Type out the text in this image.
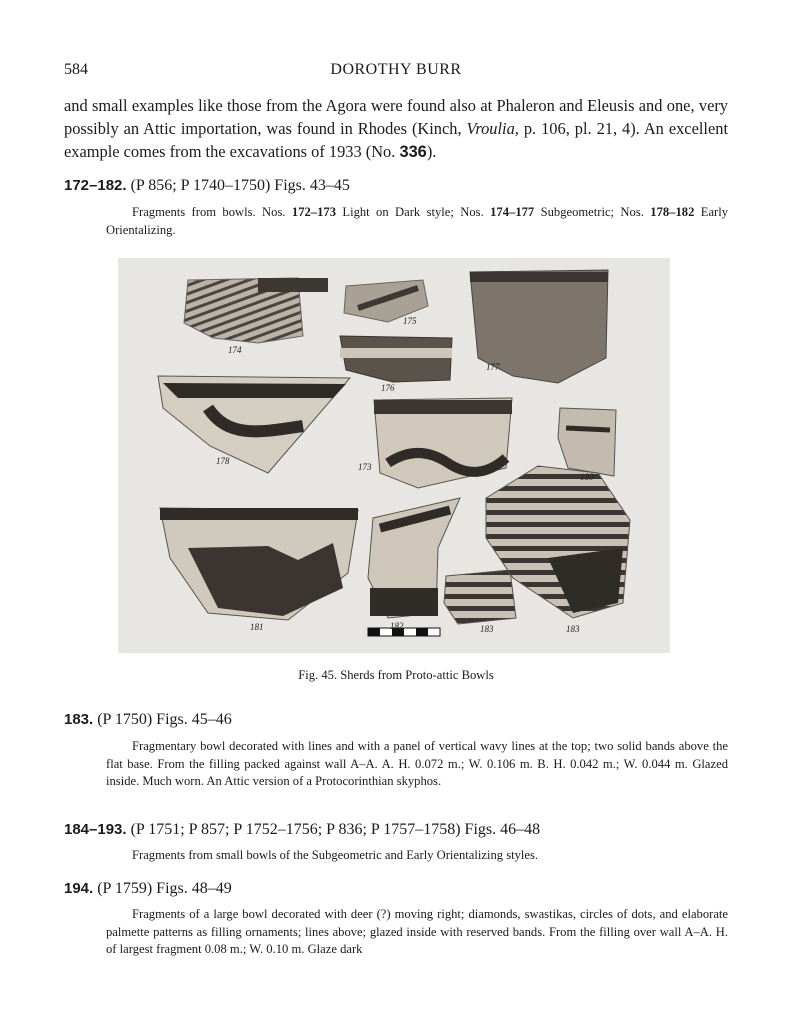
584	DOROTHY BURR

and small examples like those from the Agora were found also at Phaleron and Eleusis and one, very possibly an Attic importation, was found in Rhodes (Kinch, Vroulia, p. 106, pl. 21, 4). An excellent example comes from the excavations of 1933 (No. 336).

172–182. (P 856; P 1740–1750) Figs. 43–45

Fragments from bowls. Nos. 172–173 Light on Dark style; Nos. 174–177 Subgeometric; Nos. 178–182 Early Orientalizing.

174
175
177
176
178
173
180
181	182	183	183
Fig. 45. Sherds from Proto-attic Bowls
183. (P 1750) Figs. 45–46

Fragmentary bowl decorated with lines and with a panel of vertical wavy lines at the top; two solid bands above the flat base. From the filling packed against wall A–A. A. H. 0.072 m.; W. 0.106 m. B. H. 0.042 m.; W. 0.044 m. Glazed inside. Much worn. An Attic version of a Protocorinthian skyphos.

184–193. (P 1751; P 857; P 1752–1756; P 836; P 1757–1758) Figs. 46–48

Fragments from small bowls of the Subgeometric and Early Orientalizing styles.

194. (P 1759) Figs. 48–49

Fragments of a large bowl decorated with deer (?) moving right; diamonds, swastikas, circles of dots, and elaborate palmette patterns as filling ornaments; lines above; glazed inside with reserved bands. From the filling over wall A–A. H. of largest fragment 0.08 m.; W. 0.10 m. Glaze dark
